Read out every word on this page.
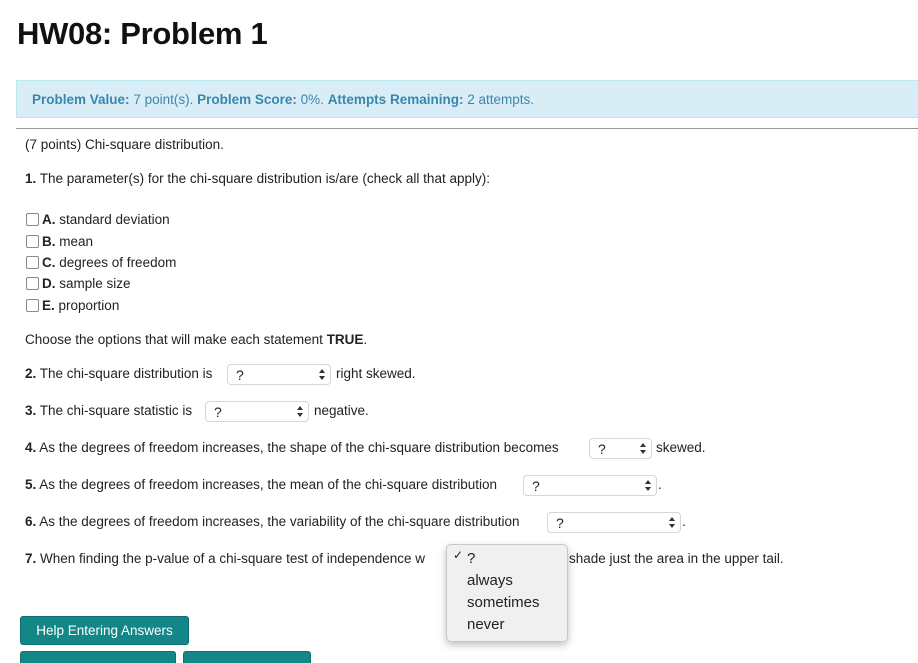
HW08: Problem 1
Problem Value:
7 point(s).
Problem Score:
0%.
Attempts Remaining:
2 attempts.
(7 points) Chi-square distribution.
1. The parameter(s) for the chi-square distribution is/are (check all that apply):
A.
standard deviation
B.
mean
C.
degrees of freedom
D.
sample size
E.
proportion
Choose the options that will make each statement TRUE.
2. The chi-square distribution is ?	right skewed.
3. The chi-square statistic is ?	negative.
4. As the degrees of freedom increases, the shape of the chi-square distribution becomes	?	skewed.
5. As the degrees of freedom increases, the mean of the chi-square distribution ?	.
6. As the degrees of freedom increases, the variability of the chi-square distribution	?	.
7. When finding the p-value of a chi-square test of independence w	shade just the area in the upper tail.
✓ ?
always
sometimes
never
Help Entering Answers
